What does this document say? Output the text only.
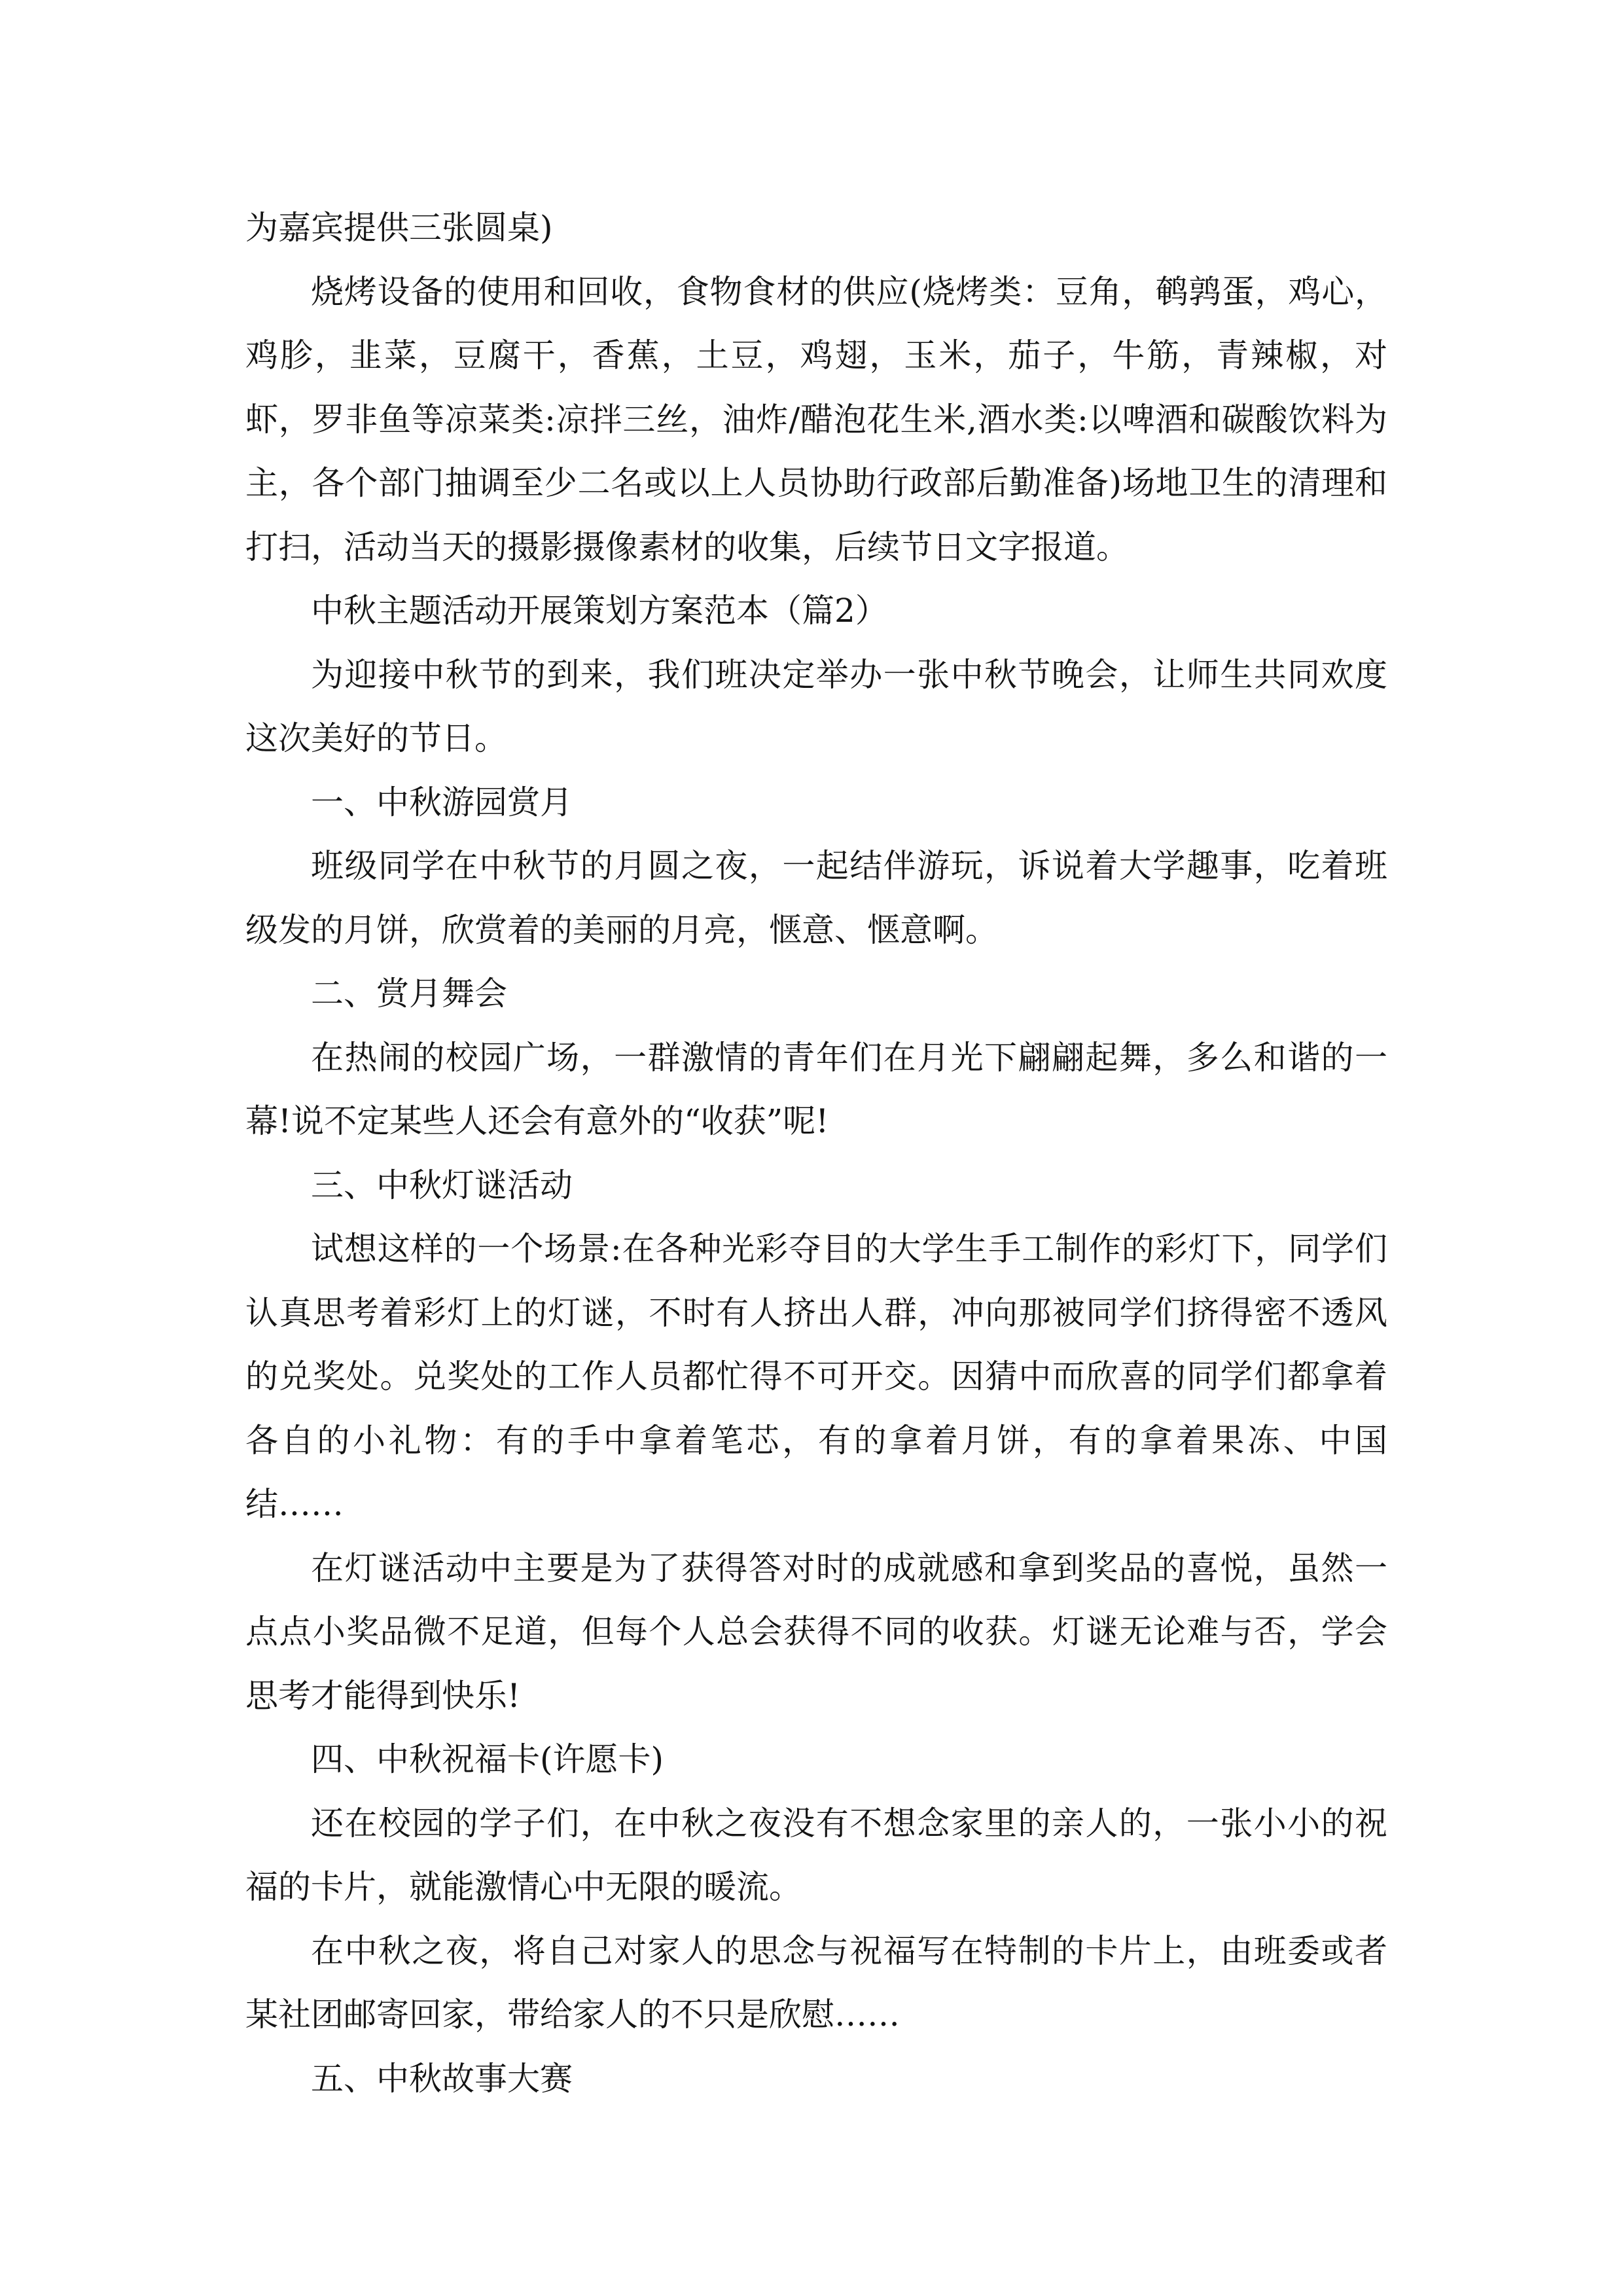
为嘉宾提供三张圆桌)

烧烤设备的使用和回收，食物食材的供应(烧烤类：豆角，鹌鹑蛋，鸡心，鸡胗，韭菜，豆腐干，香蕉，土豆，鸡翅，玉米，茄子，牛筋，青辣椒，对虾，罗非鱼等凉菜类:凉拌三丝，油炸/醋泡花生米,酒水类:以啤酒和碳酸饮料为主，各个部门抽调至少二名或以上人员协助行政部后勤准备)场地卫生的清理和打扫，活动当天的摄影摄像素材的收集，后续节日文字报道。

中秋主题活动开展策划方案范本（篇2）

为迎接中秋节的到来，我们班决定举办一张中秋节晚会，让师生共同欢度这次美好的节日。

一、中秋游园赏月

班级同学在中秋节的月圆之夜，一起结伴游玩，诉说着大学趣事，吃着班级发的月饼，欣赏着的美丽的月亮，惬意、惬意啊。

二、赏月舞会

在热闹的校园广场，一群激情的青年们在月光下翩翩起舞，多么和谐的一幕!说不定某些人还会有意外的“收获”呢!

三、中秋灯谜活动

试想这样的一个场景:在各种光彩夺目的大学生手工制作的彩灯下，同学们认真思考着彩灯上的灯谜，不时有人挤出人群，冲向那被同学们挤得密不透风的兑奖处。兑奖处的工作人员都忙得不可开交。因猜中而欣喜的同学们都拿着各自的小礼物：有的手中拿着笔芯，有的拿着月饼，有的拿着果冻、中国结……

在灯谜活动中主要是为了获得答对时的成就感和拿到奖品的喜悦，虽然一点点小奖品微不足道，但每个人总会获得不同的收获。灯谜无论难与否，学会思考才能得到快乐!

四、中秋祝福卡(许愿卡)

还在校园的学子们，在中秋之夜没有不想念家里的亲人的，一张小小的祝福的卡片，就能激情心中无限的暖流。

在中秋之夜，将自己对家人的思念与祝福写在特制的卡片上，由班委或者某社团邮寄回家，带给家人的不只是欣慰……

五、中秋故事大赛
